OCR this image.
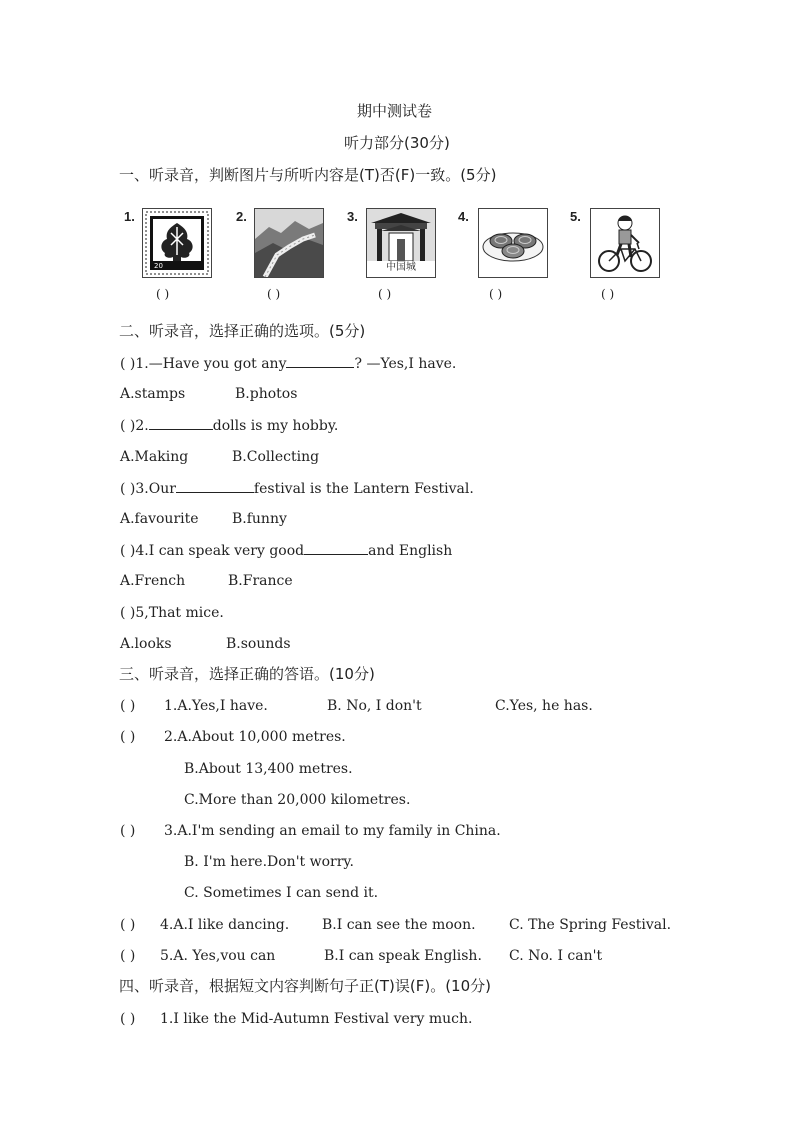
期中测试卷
听力部分(30分)
一、听录音，判断图片与所听内容是(T)否(F)一致。(5分)
1.
20
( )
2.
( )
3.
中国城
( )
4.
( )
5.
( )
二、听录音，选择正确的选项。(5分)
( )1.—Have you got any	? —Yes,I have.
A.stamps	B.photos
( )2.	dolls is my hobby.
A.Making	B.Collecting
( )3.Our	festival is the Lantern Festival.
A.favourite B.funny
( )4.I can speak very good	and English
A.French	B.France
( )5,That mice.
A.looks	B.sounds
三、听录音，选择正确的答语。(10分)
( ) 1.A.Yes,I have.	B. No, I don't	C.Yes, he has.
( ) 2.A.About 10,000 metres.
B.About 13,400 metres.
C.More than 20,000 kilometres.
( ) 3.A.I'm sending an email to my family in China.
B. I'm here.Don't worry.
C. Sometimes I can send it.
( ) 4.A.I like dancing. B.I can see the moon. C. The Spring Festival.
( ) 5.A. Yes,vou can	B.I can speak English. C. No. I can't
四、听录音，根据短文内容判断句子正(T)误(F)。(10分)
( ) 1.I like the Mid-Autumn Festival very much.
